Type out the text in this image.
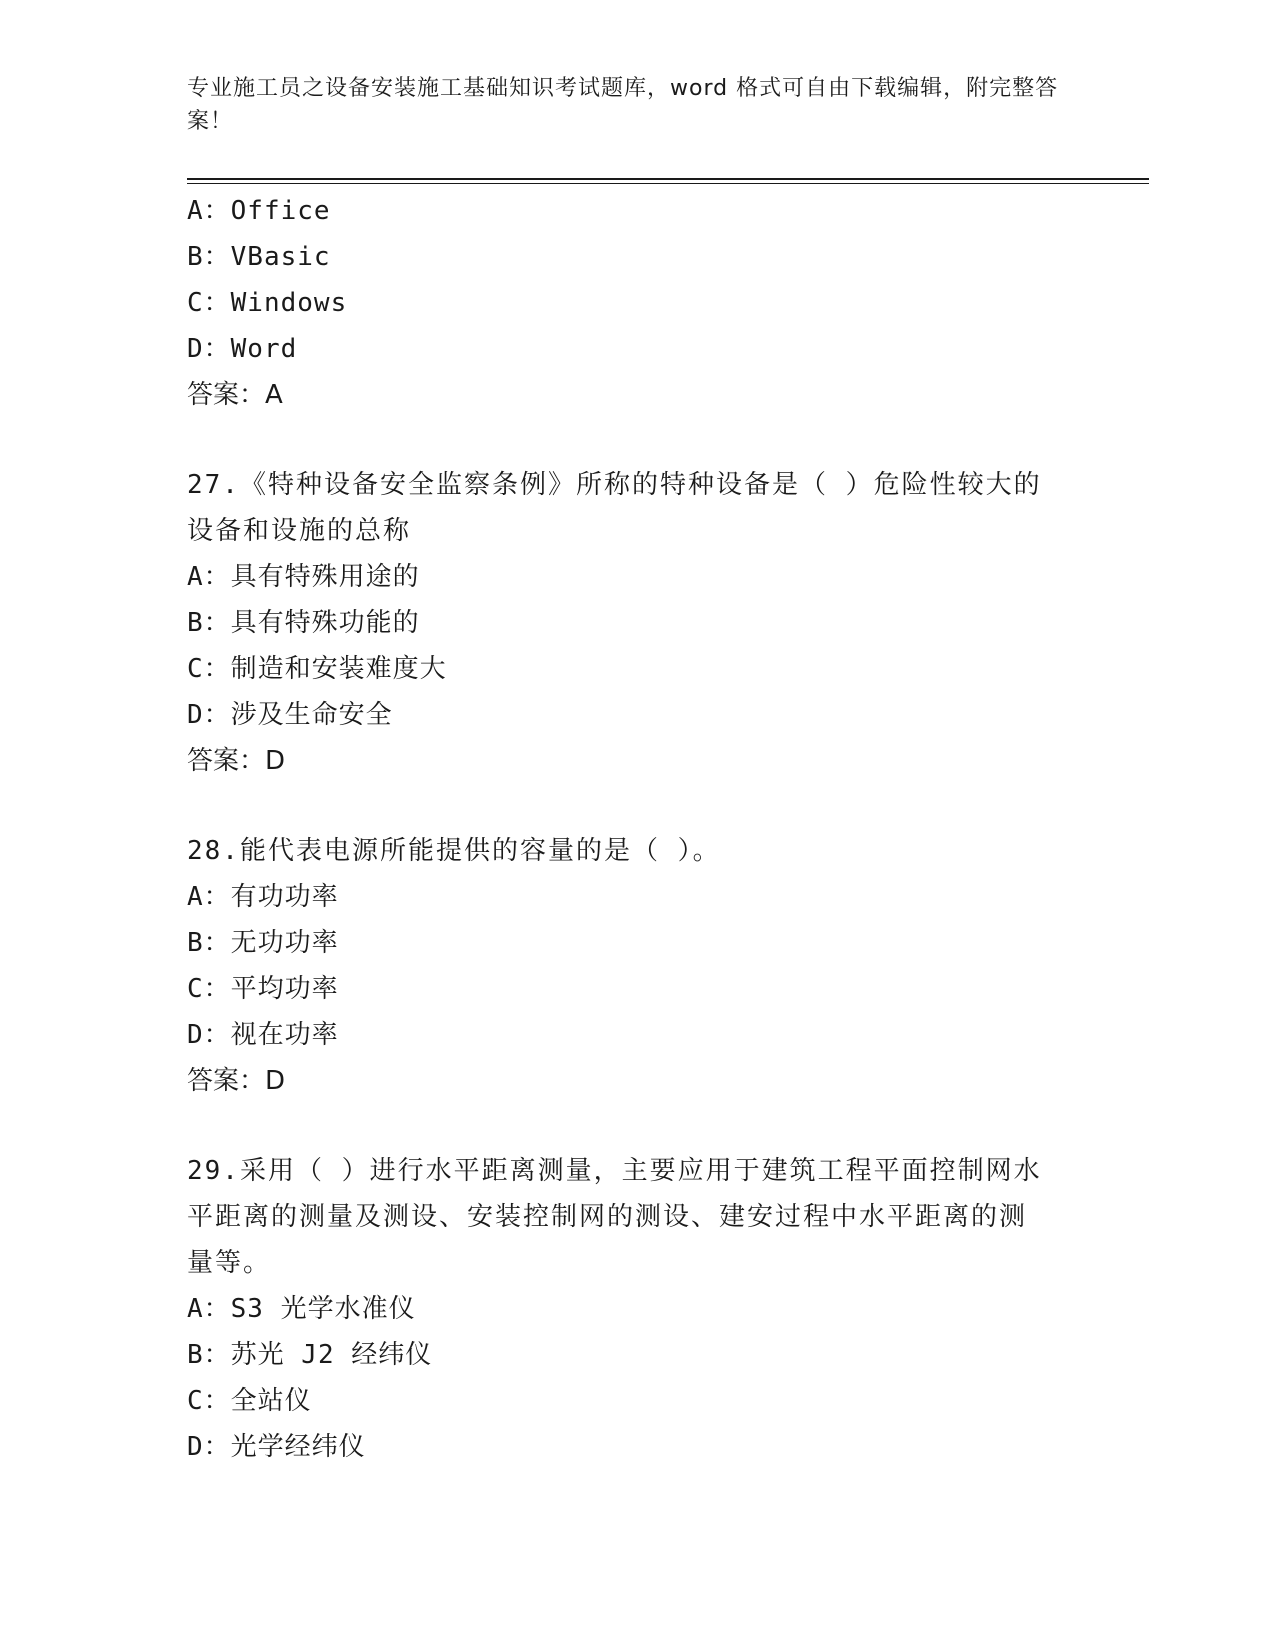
专业施工员之设备安装施工基础知识考试题库，word 格式可自由下载编辑，附完整答案！
A：Office
B：VBasic
C：Windows
D：Word
答案：A
27.《特种设备安全监察条例》所称的特种设备是（ ）危险性较大的
设备和设施的总称
A：具有特殊用途的
B：具有特殊功能的
C：制造和安装难度大
D：涉及生命安全
答案：D
28.能代表电源所能提供的容量的是（ ）。
A：有功功率
B：无功功率
C：平均功率
D：视在功率
答案：D
29.采用（ ）进行水平距离测量，主要应用于建筑工程平面控制网水
平距离的测量及测设、安装控制网的测设、建安过程中水平距离的测
量等。
A：S3 光学水准仪
B：苏光 J2 经纬仪
C：全站仪
D：光学经纬仪
